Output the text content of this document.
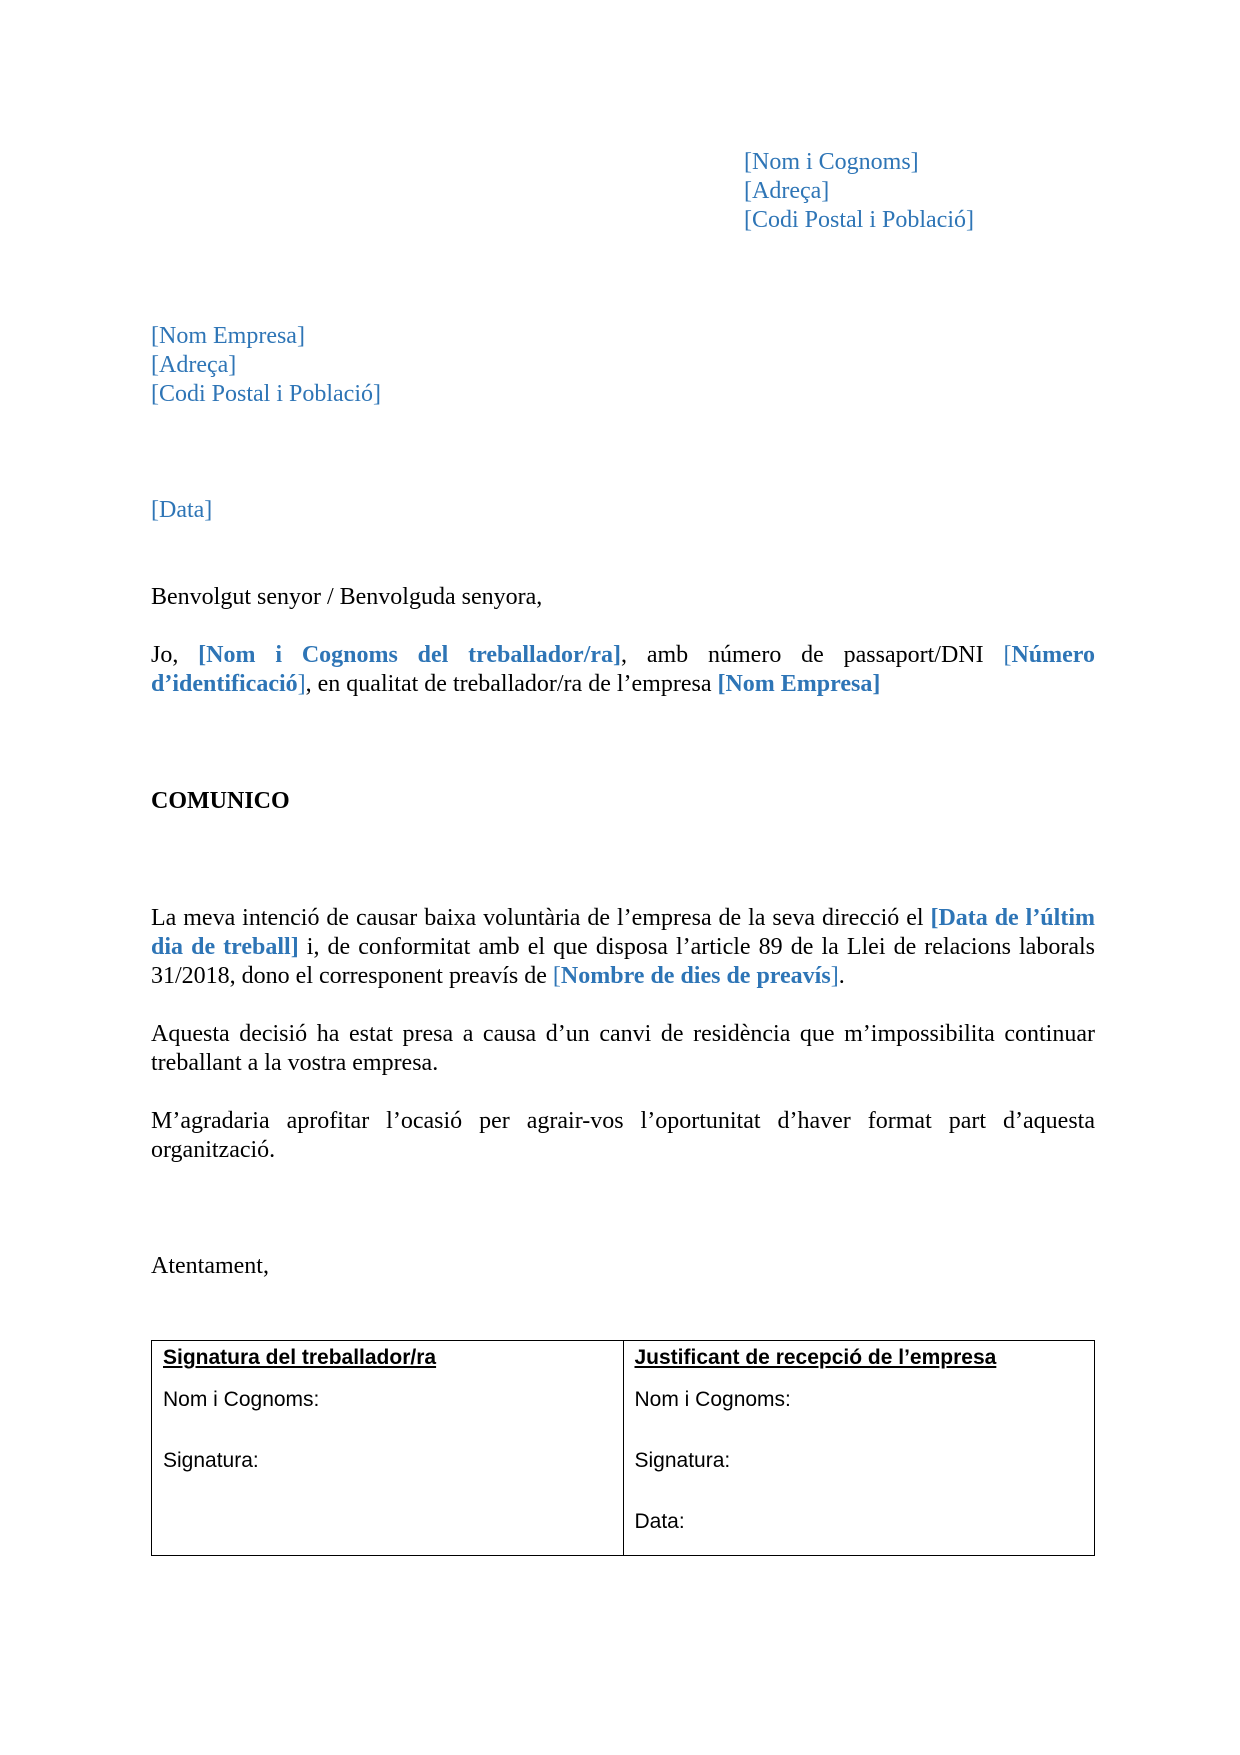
[Nom i Cognoms]
[Adreça]
[Codi Postal i Població]
[Nom Empresa]
[Adreça]
[Codi Postal i Població]
[Data]
Benvolgut senyor / Benvolguda senyora,
Jo, [Nom i Cognoms del treballador/ra], amb número de passaport/DNI [Número d’identificació], en qualitat de treballador/ra de l’empresa [Nom Empresa]
COMUNICO
La meva intenció de causar baixa voluntària de l’empresa de la seva direcció el [Data de l’últim dia de treball] i, de conformitat amb el que disposa l’article 89 de la Llei de relacions laborals 31/2018, dono el corresponent preavís de [Nombre de dies de preavís].
Aquesta decisió ha estat presa a causa d’un canvi de residència que m’impossibilita continuar treballant a la vostra empresa.
M’agradaria aprofitar l’ocasió per agrair-vos l’oportunitat d’haver format part d’aquesta organització.
Atentament,
Signatura del treballador/ra
Nom i Cognoms:
Signatura:

Justificant de recepció de l’empresa
Nom i Cognoms:
Signatura:
Data:
